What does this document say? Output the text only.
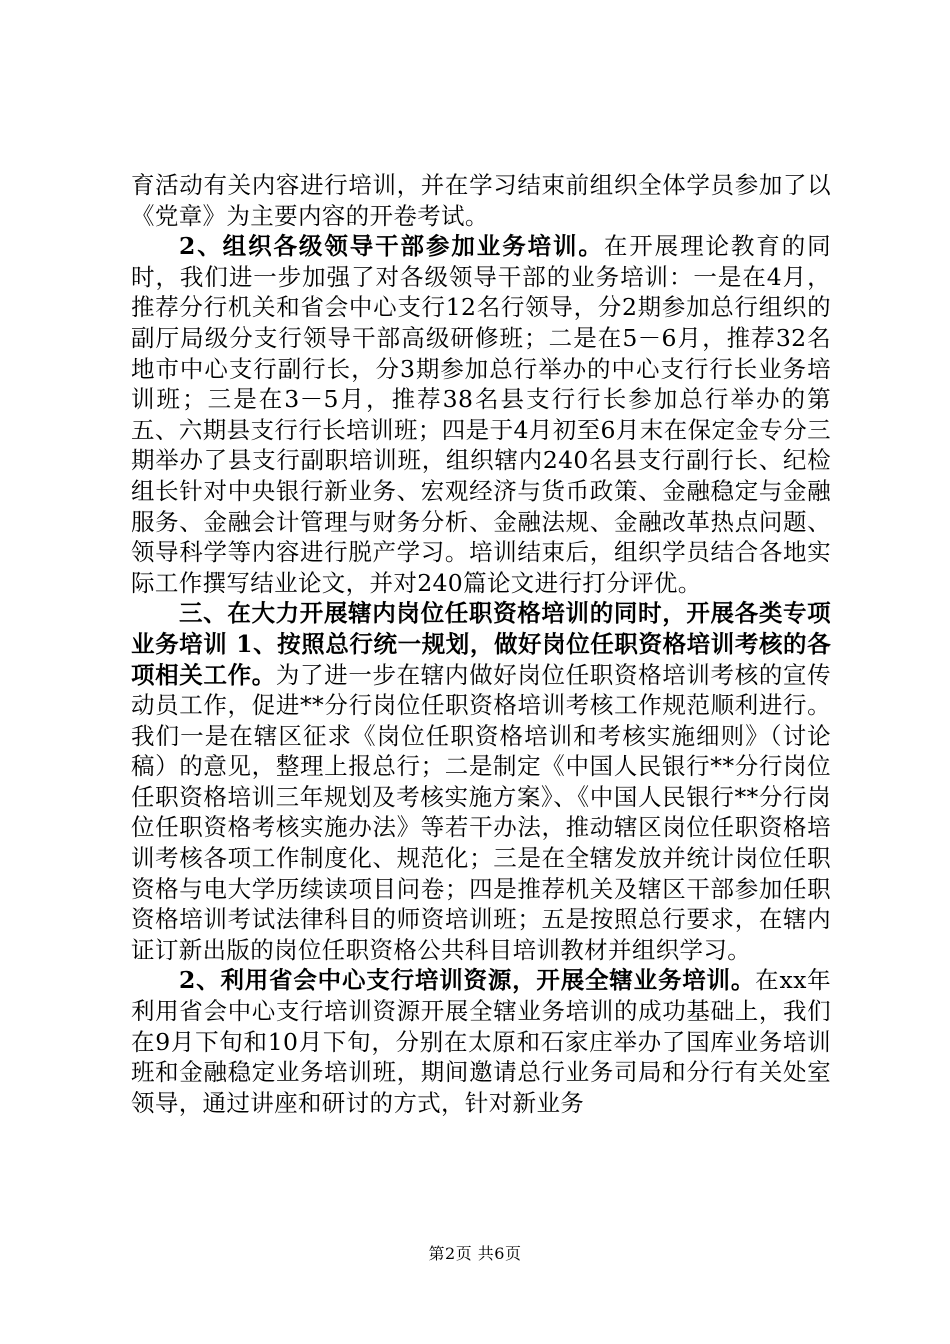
育活动有关内容进行培训，并在学习结束前组织全体学员参加了以《党章》为主要内容的开卷考试。

2、组织各级领导干部参加业务培训。在开展理论教育的同时，我们进一步加强了对各级领导干部的业务培训：一是在4月，推荐分行机关和省会中心支行12名行领导，分2期参加总行组织的副厅局级分支行领导干部高级研修班；二是在5－6月，推荐32名地市中心支行副行长，分3期参加总行举办的中心支行行长业务培训班；三是在3－5月，推荐38名县支行行长参加总行举办的第五、六期县支行行长培训班；四是于4月初至6月末在保定金专分三期举办了县支行副职培训班，组织辖内240名县支行副行长、纪检组长针对中央银行新业务、宏观经济与货币政策、金融稳定与金融服务、金融会计管理与财务分析、金融法规、金融改革热点问题、领导科学等内容进行脱产学习。培训结束后，组织学员结合各地实际工作撰写结业论文，并对240篇论文进行打分评优。

三、在大力开展辖内岗位任职资格培训的同时，开展各类专项业务培训 1、按照总行统一规划，做好岗位任职资格培训考核的各项相关工作。为了进一步在辖内做好岗位任职资格培训考核的宣传动员工作，促进**分行岗位任职资格培训考核工作规范顺利进行。我们一是在辖区征求《岗位任职资格培训和考核实施细则》（讨论稿）的意见，整理上报总行；二是制定《中国人民银行**分行岗位任职资格培训三年规划及考核实施方案》、《中国人民银行**分行岗位任职资格考核实施办法》等若干办法，推动辖区岗位任职资格培训考核各项工作制度化、规范化；三是在全辖发放并统计岗位任职资格与电大学历续读项目问卷；四是推荐机关及辖区干部参加任职资格培训考试法律科目的师资培训班；五是按照总行要求，在辖内证订新出版的岗位任职资格公共科目培训教材并组织学习。

2、利用省会中心支行培训资源，开展全辖业务培训。在xx年利用省会中心支行培训资源开展全辖业务培训的成功基础上，我们在9月下旬和10月下旬，分别在太原和石家庄举办了国库业务培训班和金融稳定业务培训班，期间邀请总行业务司局和分行有关处室领导，通过讲座和研讨的方式，针对新业务

第2页 共6页
